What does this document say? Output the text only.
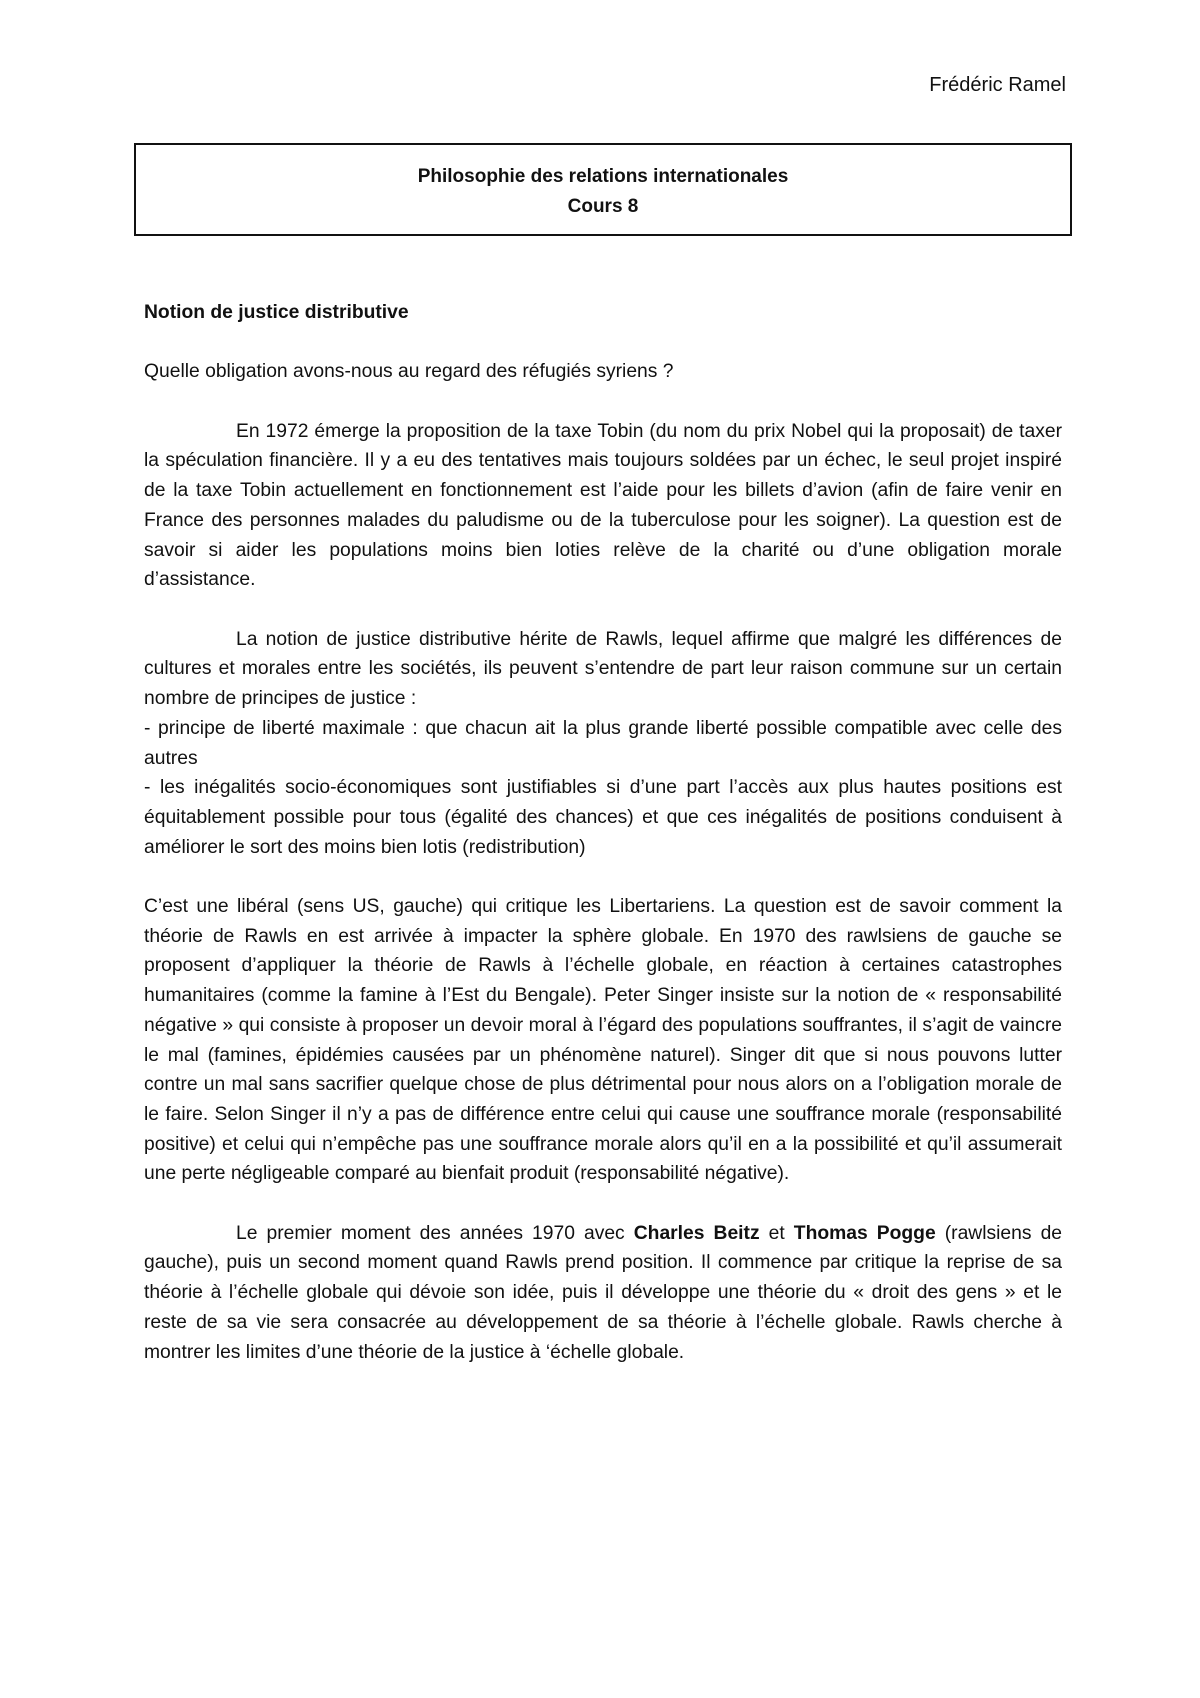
Frédéric Ramel
Philosophie des relations internationales
Cours 8

Notion de justice distributive

Quelle obligation avons-nous au regard des réfugiés syriens ?

En 1972 émerge la proposition de la taxe Tobin (du nom du prix Nobel qui la proposait) de taxer la spéculation financière. Il y a eu des tentatives mais toujours soldées par un échec, le seul projet inspiré de la taxe Tobin actuellement en fonctionnement est l’aide pour les billets d’avion (afin de faire venir en France des personnes malades du paludisme ou de la tuberculose pour les soigner). La question est de savoir si aider les populations moins bien loties relève de la charité ou d’une obligation morale d’assistance.

La notion de justice distributive hérite de Rawls, lequel affirme que malgré les différences de cultures et morales entre les sociétés, ils peuvent s’entendre de part leur raison commune sur un certain nombre de principes de justice :

- principe de liberté maximale : que chacun ait la plus grande liberté possible compatible avec celle des autres

- les inégalités socio-économiques sont justifiables si d’une part l’accès aux plus hautes positions est équitablement possible pour tous (égalité des chances) et que ces inégalités de positions conduisent à améliorer le sort des moins bien lotis (redistribution)

C’est une libéral (sens US, gauche) qui critique les Libertariens. La question est de savoir comment la théorie de Rawls en est arrivée à impacter la sphère globale. En 1970 des rawlsiens de gauche se proposent d’appliquer la théorie de Rawls à l’échelle globale, en réaction à certaines catastrophes humanitaires (comme la famine à l’Est du Bengale). Peter Singer insiste sur la notion de « responsabilité négative » qui consiste à proposer un devoir moral à l’égard des populations souffrantes, il s’agit de vaincre le mal (famines, épidémies causées par un phénomène naturel). Singer dit que si nous pouvons lutter contre un mal sans sacrifier quelque chose de plus détrimental pour nous alors on a l’obligation morale de le faire. Selon Singer il n’y a pas de différence entre celui qui cause une souffrance morale (responsabilité positive) et celui qui n’empêche pas une souffrance morale alors qu’il en a la possibilité et qu’il assumerait une perte négligeable comparé au bienfait produit (responsabilité négative).

Le premier moment des années 1970 avec Charles Beitz et Thomas Pogge (rawlsiens de gauche), puis un second moment quand Rawls prend position. Il commence par critique la reprise de sa théorie à l’échelle globale qui dévoie son idée, puis il développe une théorie du « droit des gens » et le reste de sa vie sera consacrée au développement de sa théorie à l’échelle globale. Rawls cherche à montrer les limites d’une théorie de la justice à ‘échelle globale.
